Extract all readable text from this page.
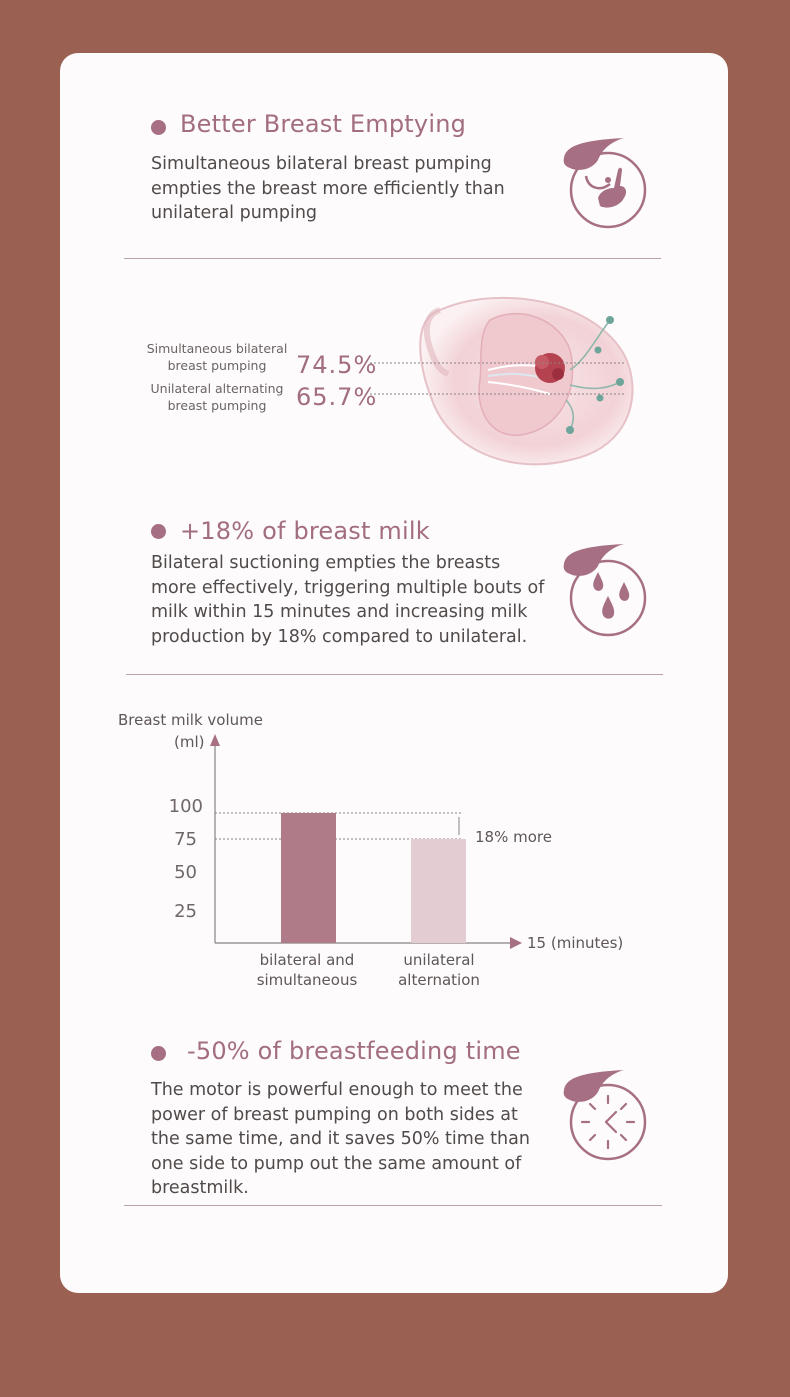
Better Breast Emptying
Simultaneous bilateral breast pumping
empties the breast more efficiently than
unilateral pumping
Simultaneous bilateral
breast pumping	74.5%
Unilateral alternating
breast pumping	65.7%
+18% of breast milk
Bilateral suctioning empties the breasts
more effectively, triggering multiple bouts of
milk within 15 minutes and increasing milk
production by 18% compared to unilateral.
Breast milk volume
(ml)
100
75
50
25
18% more
15 (minutes)
bilateral and
simultaneous
unilateral
alternation
-50% of breastfeeding time
The motor is powerful enough to meet the
power of breast pumping on both sides at
the same time, and it saves 50% time than
one side to pump out the same amount of
breastmilk.
